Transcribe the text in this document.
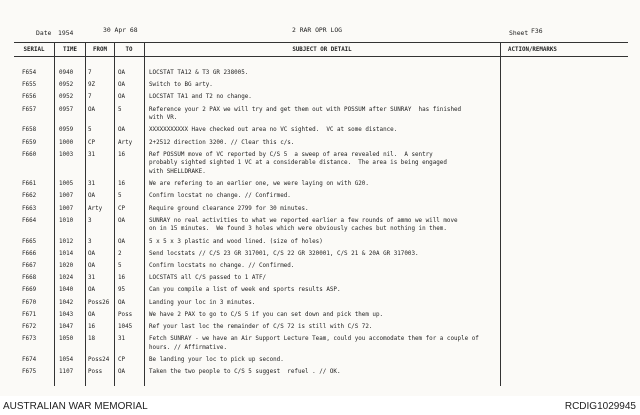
Date 1954	30 Apr 68	2 RAR OPR LOG	Sheet F36
SERIAL	TIME	FROM	TO	SUBJECT OR DETAIL	ACTION/REMARKS
F654	0940	7	OA	LOCSTAT TA12 & T3 GR 238005.
F655	0952	9Z	OA	Switch to BG arty.
F656	0952	7	OA	LOCSTAT TA1 and T2 no change.
F657	0957	OA	5	Reference your 2 PAX we will try and get them out with POSSUM after SUNRAY  has finished
with VR.
F658	0959	5	OA	XXXXXXXXXXX Have checked out area no VC sighted.  VC at some distance.
F659	1000	CP	Arty	2+2512 direction 3200. // Clear this c/s.
F660	1003	31	16	Ref POSSUM move of VC reported by C/S 5  a sweep of area revealed nil.  A sentry
probably sighted sighted 1 VC at a considerable distance.  The area is being engaged
with SHELLDRAKE.
F661	1005	31	16	We are refering to an earlier one, we were laying on with G20.
F662	1007	OA	5	Confirm locstat no change. // Confirmed.
F663	1007	Arty	CP	Require ground clearance 2799 for 30 minutes.
F664	1010	3	OA	SUNRAY no real activities to what we reported earlier a few rounds of ammo we will move
on in 15 minutes.  We found 3 holes which were obviously caches but nothing in them.
F665	1012	3	OA	5 x 5 x 3 plastic and wood lined. (size of holes)
F666	1014	OA	2	Send locstats // C/S 23 GR 317001, C/S 22 GR 320001, C/S 21 & 20A GR 317003.
F667	1020	OA	5	Confirm locstats no change. // Confirmed.
F668	1024	31	16	LOCSTATS all C/S passed to 1 ATF/
F669	1040	OA	95	Can you compile a list of week end sports results ASP.
F670	1042	Poss26 OA	Landing your loc in 3 minutes.
F671	1043	OA	Poss	We have 2 PAX to go to C/S 5 if you can set down and pick them up.
F672	1047	16	1045	Ref your last loc the remainder of C/S 72 is still with C/S 72.
F673	1050	18	31	Fetch SUNRAY - we have an Air Support Lecture Team, could you accomodate them for a couple of
hours. // Affirmative.
F674	1054	Poss24 CP	Be landing your loc to pick up second.
F675	1107	Poss	OA	Taken the two people to C/S 5 suggest  refuel . // OK.
AUSTRALIAN WAR MEMORIAL	RCDIG1029945
